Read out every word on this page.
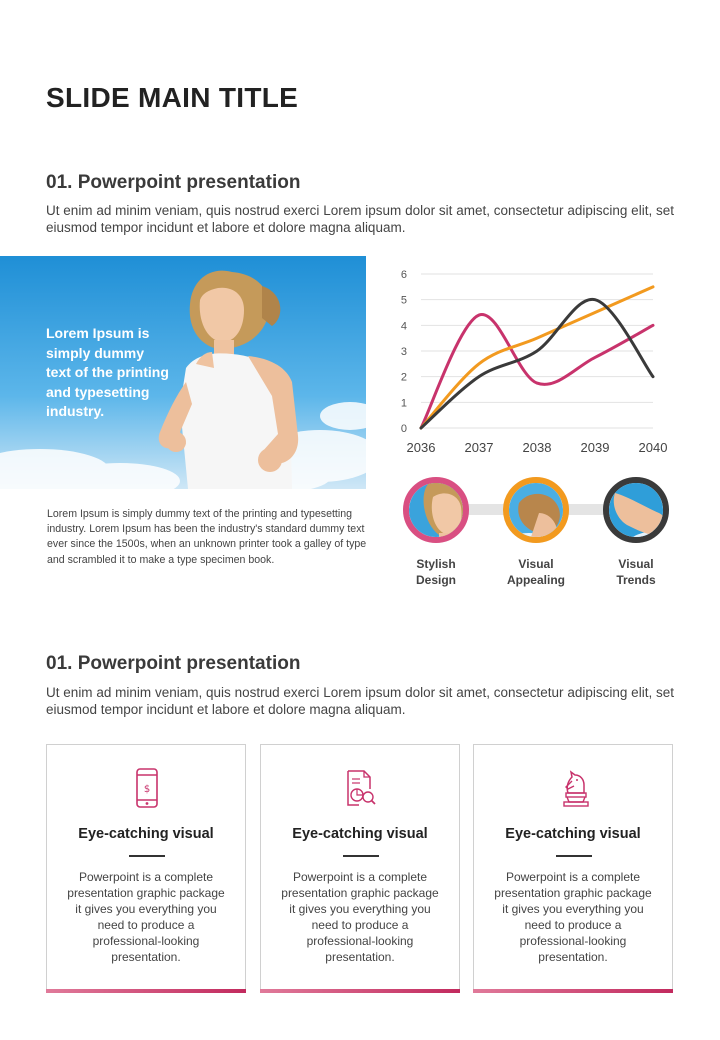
SLIDE MAIN TITLE
01. Powerpoint presentation
Ut enim ad minim veniam, quis nostrud exerci Lorem ipsum dolor sit amet, consectetur adipiscing elit, set eiusmod tempor incidunt et labore et dolore magna aliquam.
Lorem Ipsum is simply dummy text of the printing and typesetting industry.
Lorem Ipsum is simply dummy text of the printing and typesetting industry. Lorem Ipsum has been the industry's standard dummy text ever since the 1500s, when an unknown printer took a galley of type and scrambled it to make a type specimen book.
0
1
2
3
4
5
6
2036 2037 2038 2039 2040
Stylish
Design
Visual
Appealing
Visual
Trends
01. Powerpoint presentation
Ut enim ad minim veniam, quis nostrud exerci Lorem ipsum dolor sit amet, consectetur adipiscing elit, set eiusmod tempor incidunt et labore et dolore magna aliquam.
$
Eye-catching visual
Powerpoint is a complete presentation graphic package it gives you everything you need to produce a professional-looking presentation.
Eye-catching visual
Powerpoint is a complete presentation graphic package it gives you everything you need to produce a professional-looking presentation.
Eye-catching visual
Powerpoint is a complete presentation graphic package it gives you everything you need to produce a professional-looking presentation.
